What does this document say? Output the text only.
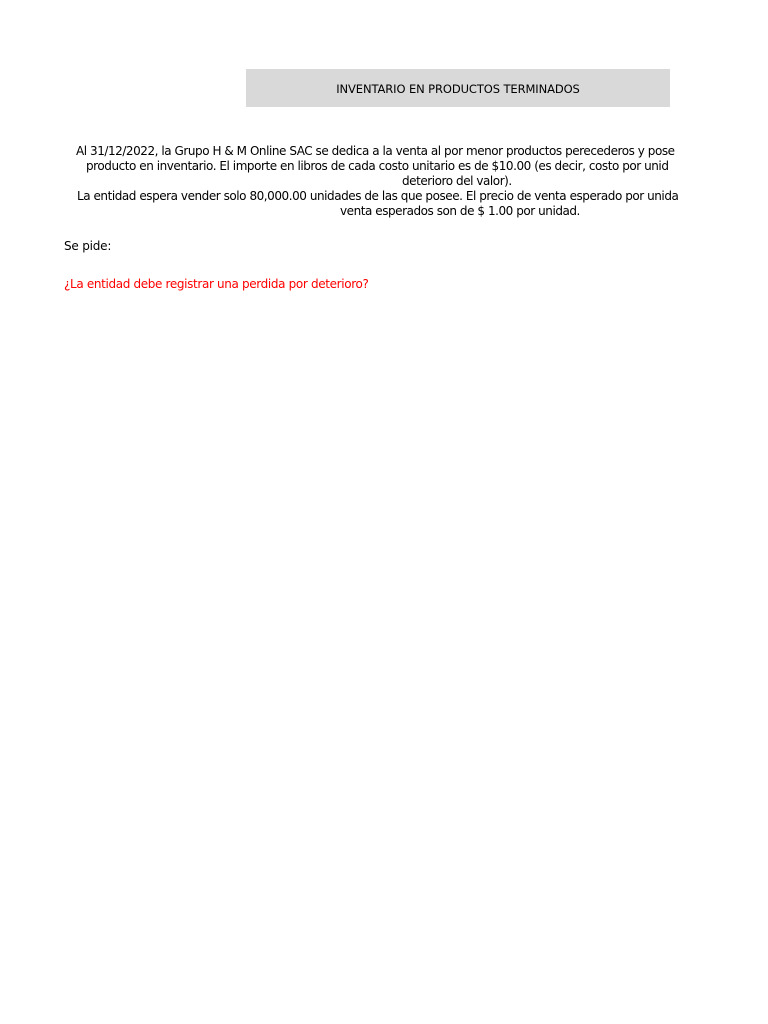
INVENTARIO EN PRODUCTOS TERMINADOS
Al 31/12/2022, la Grupo H & M Online SAC se dedica a la venta al por menor productos perecederos y pose
producto en inventario. El importe en libros de cada costo unitario es de $10.00 (es decir, costo por unid
deterioro del valor).
La entidad espera vender solo 80,000.00 unidades de las que posee. El precio de venta esperado por unida
venta esperados son de $ 1.00 por unidad.
Se pide:
¿La entidad debe registrar una perdida por deterioro?
